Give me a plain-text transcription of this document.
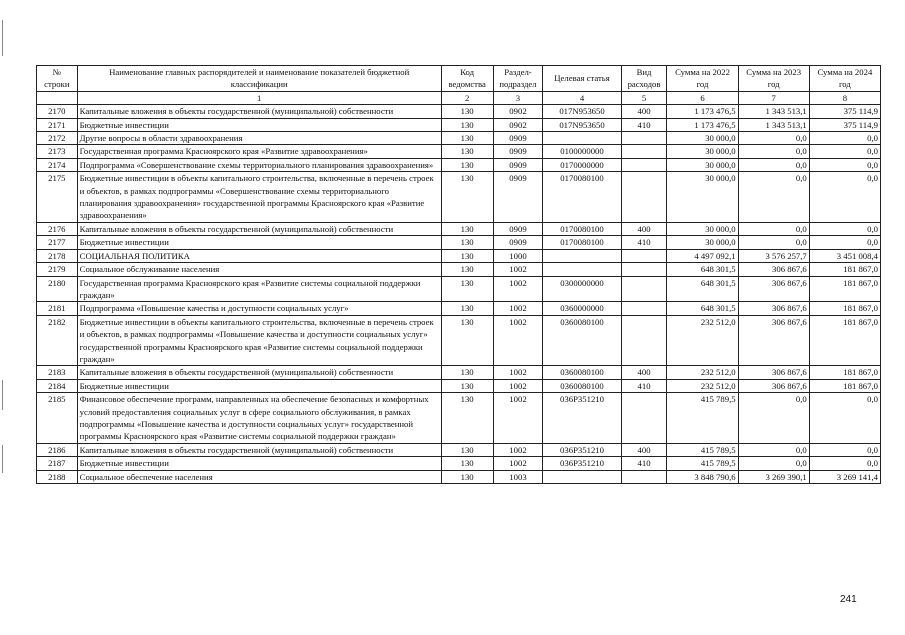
№ строки	Наименование главных распорядителей и наименование показателей бюджетной классификации	Код ведомства	Раздел-подраздел	Целевая статья	Вид расходов	Сумма на 2022 год	Сумма на 2023 год	Сумма на 2024 год
	1	2	3	4	5	6	7	8
2170	Капитальные вложения в объекты государственной (муниципальной) собственности	130	0902	017N953650	400	1 173 476,5	1 343 513,1	375 114,9
2171	Бюджетные инвестиции	130	0902	017N953650	410	1 173 476,5	1 343 513,1	375 114,9
2172	Другие вопросы в области здравоохранения	130	0909			30 000,0	0,0	0,0
2173	Государственная программа Красноярского края «Развитие здравоохранения»	130	0909	0100000000		30 000,0	0,0	0,0
2174	Подпрограмма «Совершенствование схемы территориального планирования здравоохранения»	130	0909	0170000000		30 000,0	0,0	0,0
2175	Бюджетные инвестиции в объекты капитального строительства, включенные в перечень строек и объектов, в рамках подпрограммы «Совершенствование схемы территориального планирования здравоохранения» государственной программы Красноярского края «Развитие здравоохранения»	130	0909	0170080100		30 000,0	0,0	0,0
2176	Капитальные вложения в объекты государственной (муниципальной) собственности	130	0909	0170080100	400	30 000,0	0,0	0,0
2177	Бюджетные инвестиции	130	0909	0170080100	410	30 000,0	0,0	0,0
2178	СОЦИАЛЬНАЯ ПОЛИТИКА	130	1000			4 497 092,1	3 576 257,7	3 451 008,4
2179	Социальное обслуживание населения	130	1002			648 301,5	306 867,6	181 867,0
2180	Государственная программа Красноярского края «Развитие системы социальной поддержки граждан»	130	1002	0300000000		648 301,5	306 867,6	181 867,0
2181	Подпрограмма «Повышение качества и доступности социальных услуг»	130	1002	0360000000		648 301,5	306 867,6	181 867,0
2182	Бюджетные инвестиции в объекты капитального строительства, включенные в перечень строек и объектов, в рамках подпрограммы «Повышение качества и доступности социальных услуг» государственной программы Красноярского края «Развитие системы социальной поддержки граждан»	130	1002	0360080100		232 512,0	306 867,6	181 867,0
2183	Капитальные вложения в объекты государственной (муниципальной) собственности	130	1002	0360080100	400	232 512,0	306 867,6	181 867,0
2184	Бюджетные инвестиции	130	1002	0360080100	410	232 512,0	306 867,6	181 867,0
2185	Финансовое обеспечение программ, направленных на обеспечение безопасных и комфортных условий предоставления социальных услуг в сфере социального обслуживания, в рамках подпрограммы «Повышение качества и доступности социальных услуг» государственной программы Красноярского края «Развитие системы социальной поддержки граждан»	130	1002	036P351210		415 789,5	0,0	0,0
2186	Капитальные вложения в объекты государственной (муниципальной) собственности	130	1002	036P351210	400	415 789,5	0,0	0,0
2187	Бюджетные инвестиции	130	1002	036P351210	410	415 789,5	0,0	0,0
2188	Социальное обеспечение населения	130	1003			3 848 790,6	3 269 390,1	3 269 141,4
241
